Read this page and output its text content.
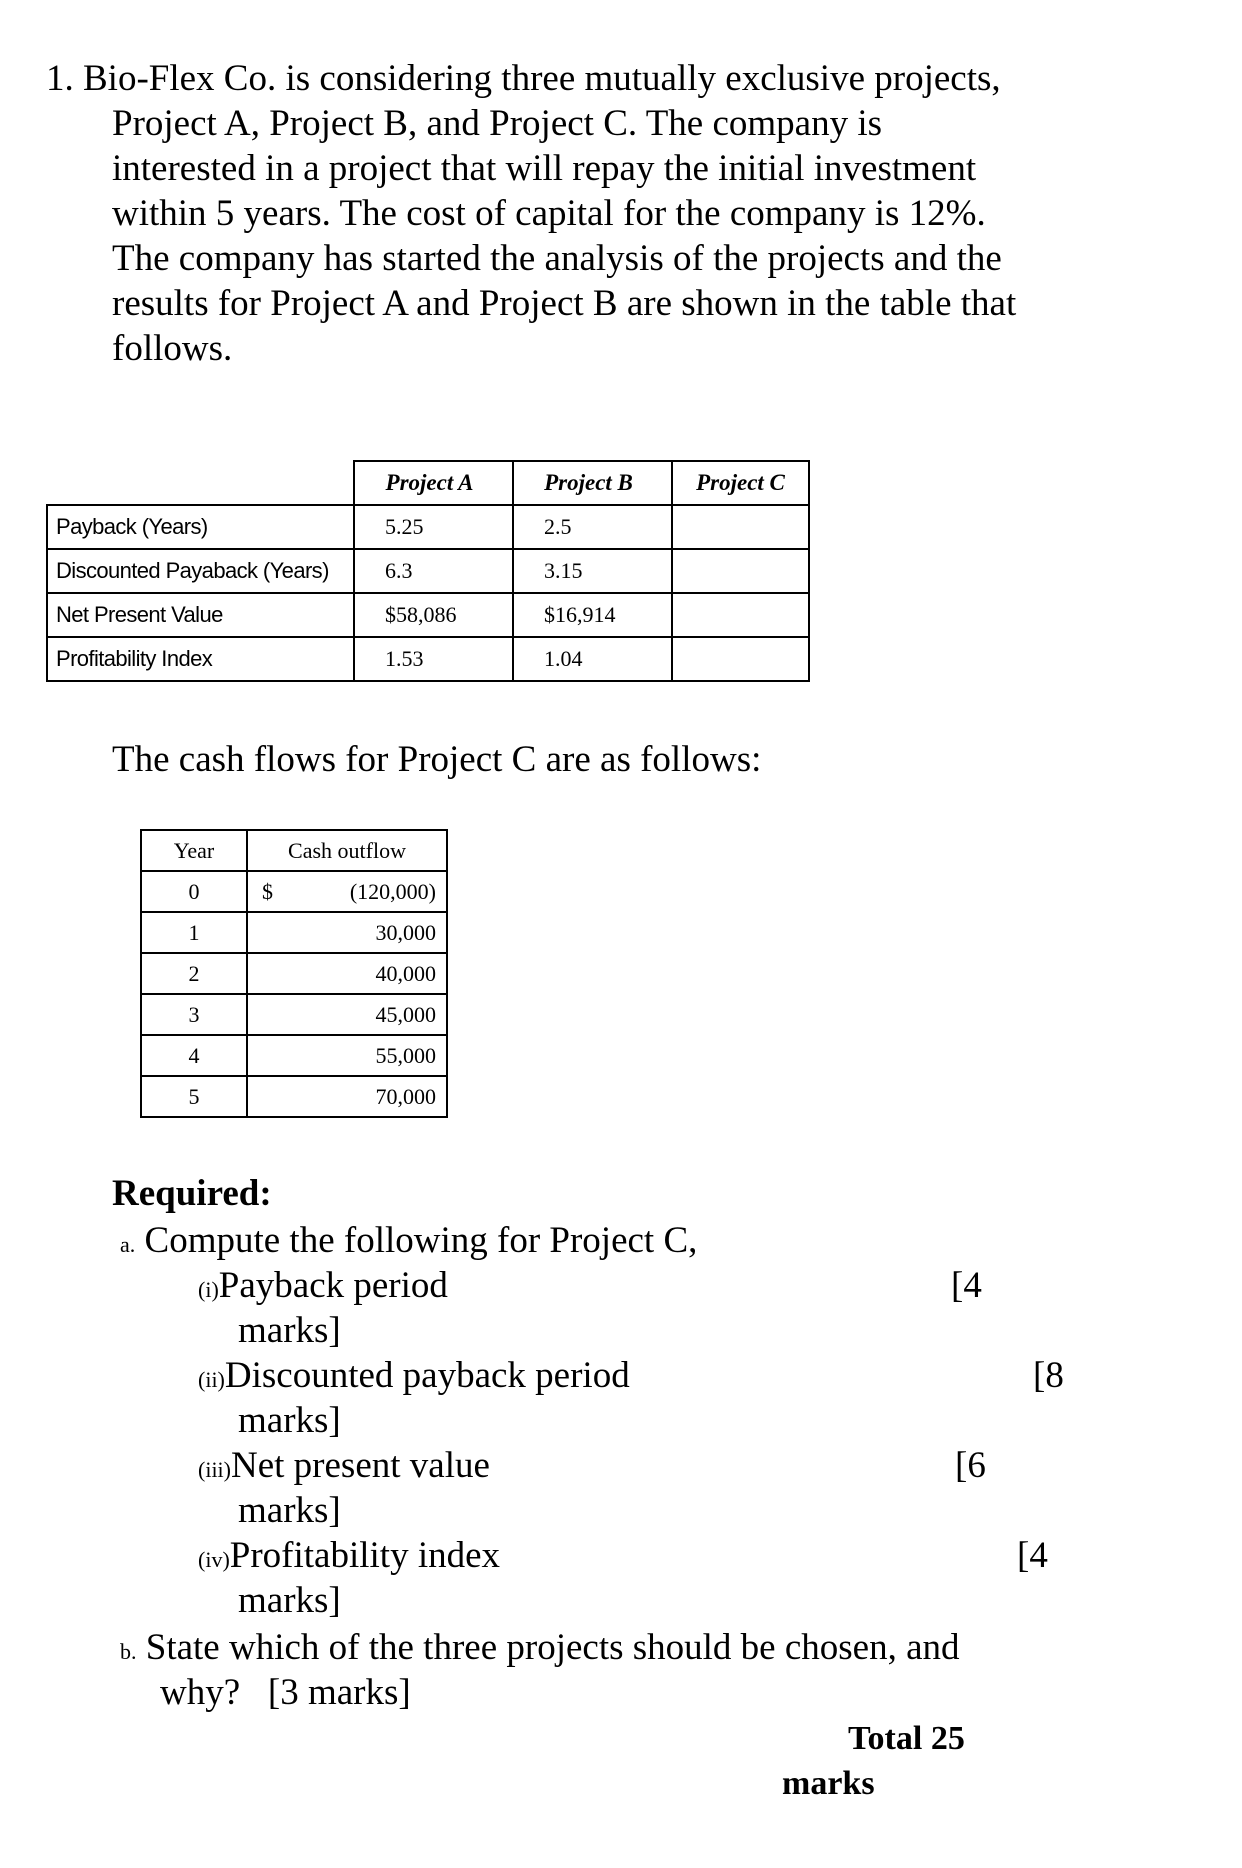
1. Bio-Flex Co. is considering three mutually exclusive projects,
Project A, Project B, and Project C. The company is
interested in a project that will repay the initial investment
within 5 years. The cost of capital for the company is 12%.
The company has started the analysis of the projects and the
results for Project A and Project B are shown in the table that
follows.
	Project A	Project B	Project C
Payback (Years)	5.25	2.5	
Discounted Payaback (Years)	6.3	3.15	
Net Present Value	$58,086	$16,914	
Profitability Index	1.53	1.04	
The cash flows for Project C are as follows:
Year	Cash outflow
0	$ (120,000)
1	30,000
2	40,000
3	45,000
4	55,000
5	70,000
Required:
a. Compute the following for Project C,
(i)Payback period	[4
marks]
(ii)Discounted payback period	[8
marks]
(iii)Net present value	[6
marks]
(iv)Profitability index	[4
marks]
b. State which of the three projects should be chosen, and
why?   [3 marks]
Total 25
marks
